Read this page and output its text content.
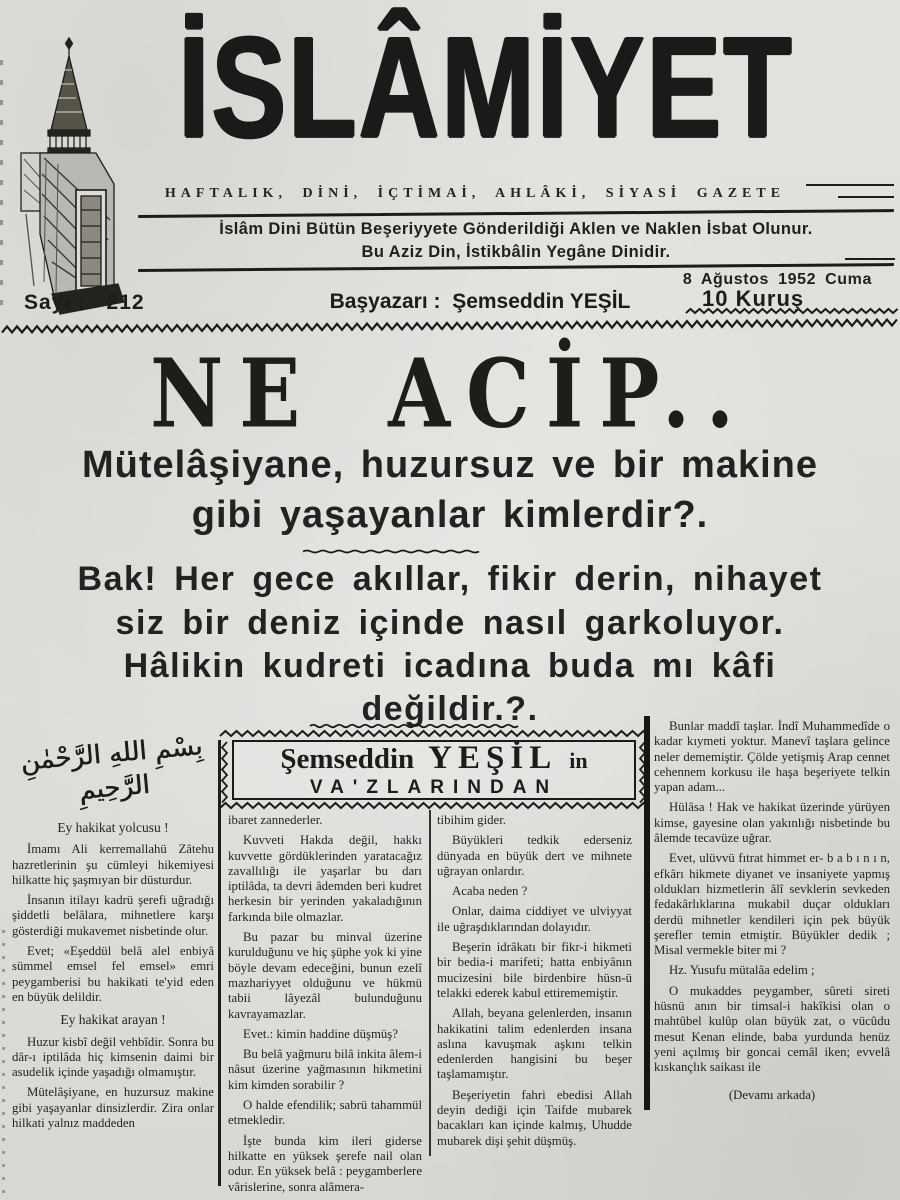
İSLÂMİYET
HAFTALIK, DİNİ, İÇTİMAİ, AHLÂKİ, SİYASİ GAZETE
İslâm Dini Bütün Beşeriyyete Gönderildiği Aklen ve Naklen İsbat Olunur.
Bu Aziz Din, İstikbâlin Yegâne Dinidir.
8 Ağustos 1952 Cuma
Sayı : 212	Başyazarı : Şemseddin YEŞİL	10 Kuruş
NE ACİP..
Mütelâşiyane, huzursuz ve bir makine
gibi yaşayanlar kimlerdir?.
Bak! Her gece akıllar, fikir derin, nihayet
siz bir deniz içinde nasıl garkoluyor.
Hâlikin kudreti icadına buda mı kâfi
değildir.?.
Şemseddin YEŞİL in
VA'ZLARINDAN
بِسْمِ اللهِ الرَّحْمٰنِ الرَّحِيمِ

Ey hakikat yolcusu !

İmamı Ali kerremallahü Zâtehu hazretlerinin şu cümleyi hikemiyesi hilkatte hiç şaşmıyan bir düsturdur.

İnsanın itilayı kadrü şerefi uğradığı şiddetli belâlara, mihnetlere karşı gösterdiği mukavemet nisbetinde olur.

Evet; «Eşeddül belâ alel enbiyâ sümmel emsel fel emsel» emri peygamberisi bu hakikati te'yid eden en büyük delildir.

Ey hakikat arayan !

Huzur kisbî değil vehbîdir. Sonra bu dâr-ı iptilâda hiç kimsenin daimi bir asudelik içinde yaşadığı olmamıştır.

Mütelâşiyane, en huzursuz makine gibi yaşayanlar dinsizlerdir. Zira onlar hilkati yalnız maddeden

ibaret zannederler.

Kuvveti Hakda değil, hakkı kuvvette gördüklerinden yaratacağız zavallılığı ile yaşarlar bu darı iptilâda, ta devri âdemden beri kudret herkesin bir yerinden yakaladığının farkında bile olmazlar.

Bu pazar bu minval üzerine kurulduğunu ve hiç şüphe yok ki yine böyle devam edeceğini, bunun ezelî mazhariyyet olduğunu ve hükmü tabii lâyezâl bulunduğunu kavrayamazlar.

Evet.: kimin haddine düşmüş?

Bu belâ yağmuru bilâ inkita âlem-i nâsut üzerine yağmasının hikmetini kim kimden sorabilir ?

O halde efendilik; sabrü tahammül etmekledir.

İşte bunda kim ileri giderse hilkatte en yüksek şerefe nail olan odur. En yüksek belâ : peygamberlere vârislerine, sonra alâmera-

tibihim gider.

Büyükleri tedkik ederseniz dünyada en büyük dert ve mihnete uğrayan onlardır.

Acaba neden ?

Onlar, daima ciddiyet ve ulviyyat ile uğraşdıklarından dolayıdır.

Beşerin idrâkatı bir fikr-i hikmeti bir bedia-i marifeti; hatta enbiyânın mucizesini bile birdenbire hüsn-ü telakki ederek kabul ettirememiştir.

Allah, beyana gelenlerden, insanın hakikatini talim edenlerden insana aslına kavuşmak aşkını telkin edenlerden hangisini bu beşer taşlamamıştır.

Beşeriyetin fahri ebedisi Allah deyin dediği için Taifde mubarek bacakları kan içinde kalmış, Uhudde mubarek dişi şehit düşmüş.

Bunlar maddî taşlar. İndî Muhammedîde o kadar kıymeti yoktur. Manevî taşlara gelince neler dememiştir. Çölde yetişmiş Arap cennet cehennem korkusu ile haşa beşeriyete telkin yapan adam...

Hülâsa ! Hak ve hakikat üzerinde yürüyen kimse, gayesine olan yakınlığı nisbetinde bu âlemde tecavüze uğrar.

Evet, ulüvvü fıtrat himmet er- b a b ı n ı n, efkârı hikmete diyanet ve insaniyete yapmış oldukları hizmetlerin âlî sevklerin sevkeden fedakârlıklarına mukabil duçar oldukları derdü mihnetler kendileri için pek büyük şerefler temin etmiştir. Büyükler dedik ; Misal vermekle biter mi ?

Hz. Yusufu mütalâa edelim ;

O mukaddes peygamber, sûreti sireti hüsnü anın bir timsal-i hakîkisi olan o mahtûbel kulûp olan büyük zat, o vücûdu mesut Kenan elinde, baba yurdunda henüz yeni açılmış bir goncai cemâl iken; evvelâ kıskançlık saikası ile

(Devamı arkada)
